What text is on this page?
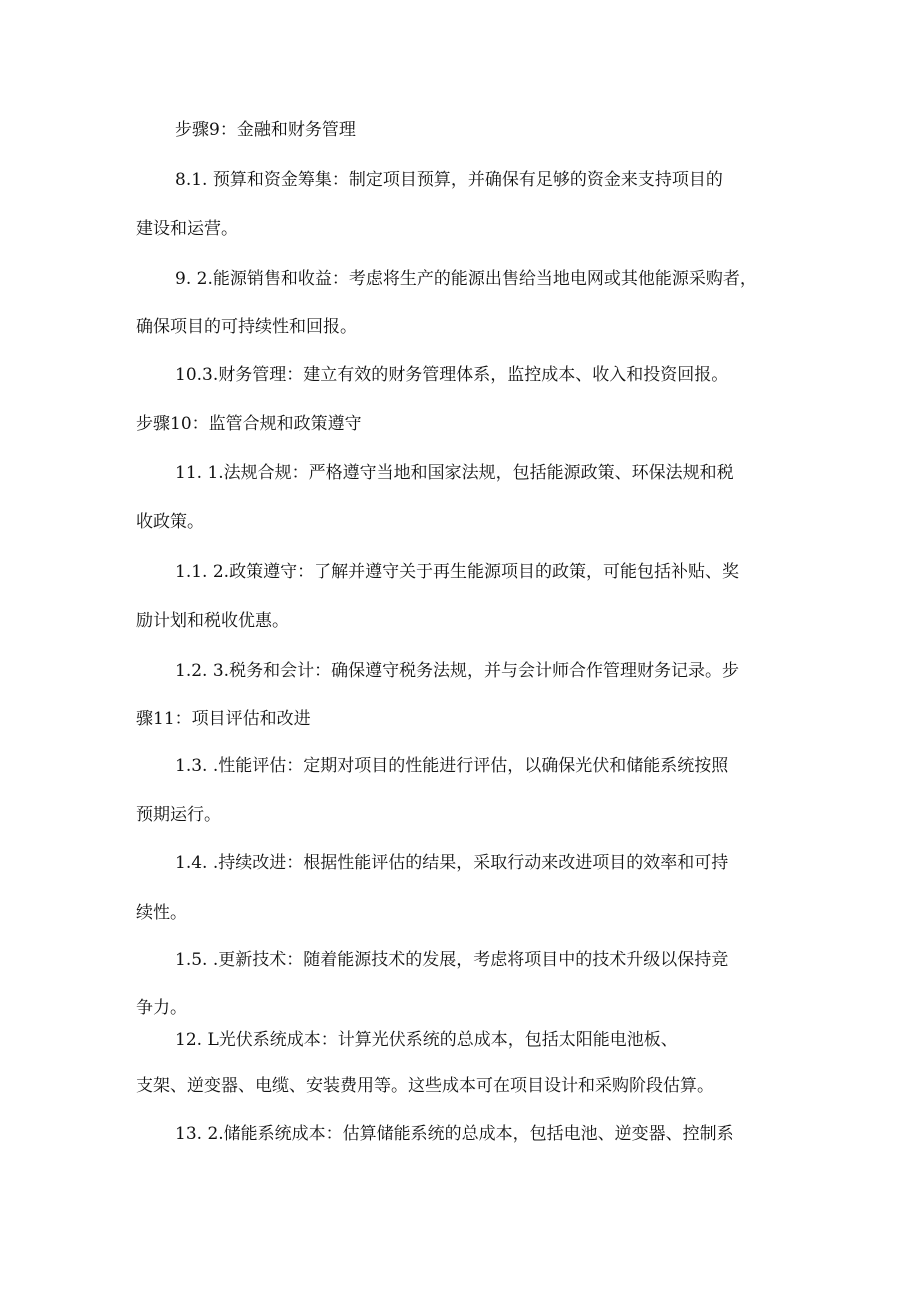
步骤9：金融和财务管理
8.1. 预算和资金筹集：制定项目预算，并确保有足够的资金来支持项目的
建设和运营。
9. 2.能源销售和收益：考虑将生产的能源出售给当地电网或其他能源采购者，
确保项目的可持续性和回报。
10.3.财务管理：建立有效的财务管理体系，监控成本、收入和投资回报。
步骤10：监管合规和政策遵守
11. 1.法规合规：严格遵守当地和国家法规，包括能源政策、环保法规和税
收政策。
1.1. 2.政策遵守：了解并遵守关于再生能源项目的政策，可能包括补贴、奖
励计划和税收优惠。
1.2. 3.税务和会计：确保遵守税务法规，并与会计师合作管理财务记录。步
骤11：项目评估和改进
1.3. .性能评估：定期对项目的性能进行评估，以确保光伏和储能系统按照
预期运行。
1.4. .持续改进：根据性能评估的结果，采取行动来改进项目的效率和可持
续性。
1.5. .更新技术：随着能源技术的发展，考虑将项目中的技术升级以保持竞
争力。
12. L光伏系统成本：计算光伏系统的总成本，包括太阳能电池板、
支架、逆变器、电缆、安装费用等。这些成本可在项目设计和采购阶段估算。
13. 2.储能系统成本：估算储能系统的总成本，包括电池、逆变器、控制系
